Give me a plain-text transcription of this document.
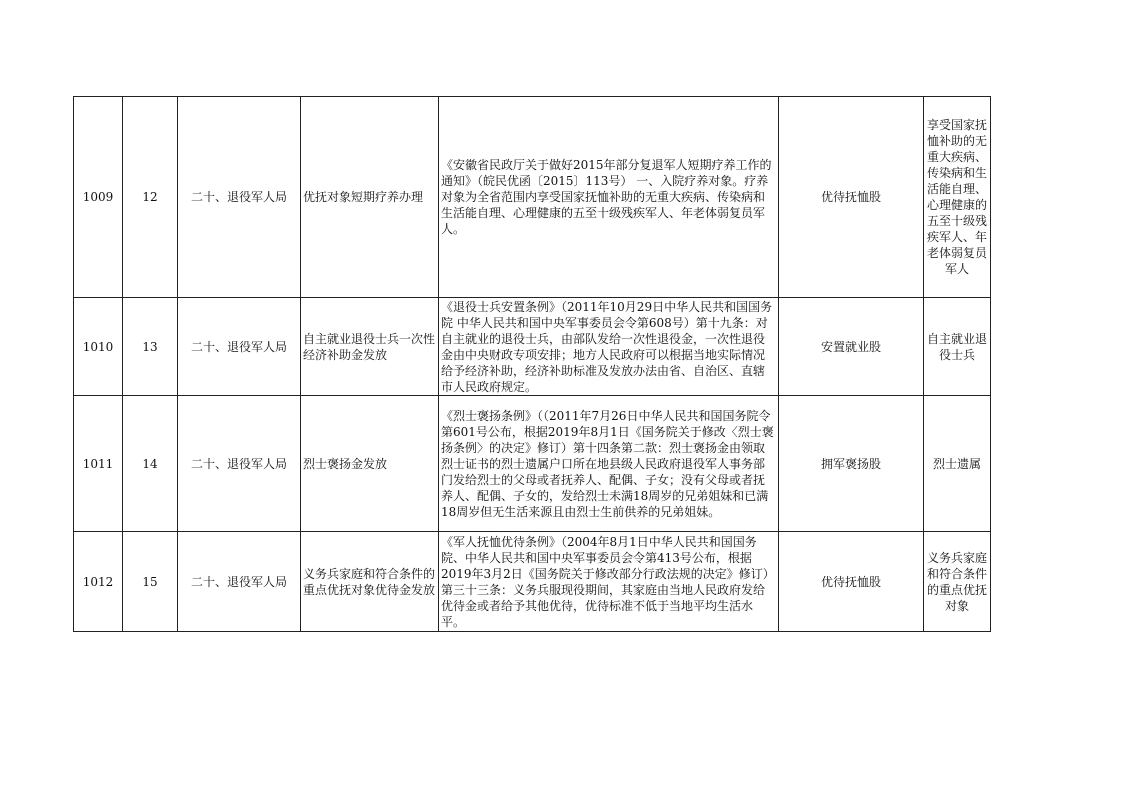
1009	12	二十、退役军人局	优抚对象短期疗养办理	《安徽省民政厅关于做好2015年部分复退军人短期疗养工作的通知》（皖民优函〔2015〕113号） 一、入院疗养对象。疗养对象为全省范围内享受国家抚恤补助的无重大疾病、传染病和生活能自理、心理健康的五至十级残疾军人、年老体弱复员军人。	优待抚恤股	享受国家抚恤补助的无重大疾病、传染病和生活能自理、心理健康的五至十级残疾军人、年老体弱复员军人
1010	13	二十、退役军人局	自主就业退役士兵一次性经济补助金发放	《退役士兵安置条例》（2011年10月29日中华人民共和国国务院 中华人民共和国中央军事委员会令第608号）第十九条：对自主就业的退役士兵，由部队发给一次性退役金，一次性退役金由中央财政专项安排；地方人民政府可以根据当地实际情况给予经济补助，经济补助标准及发放办法由省、自治区、直辖市人民政府规定。	安置就业股	自主就业退役士兵
1011	14	二十、退役军人局	烈士褒扬金发放	《烈士褒扬条例》（（2011年7月26日中华人民共和国国务院令第601号公布，根据2019年8月1日《国务院关于修改〈烈士褒扬条例〉的决定》修订）第十四条第二款：烈士褒扬金由领取烈士证书的烈士遗属户口所在地县级人民政府退役军人事务部门发给烈士的父母或者抚养人、配偶、子女；没有父母或者抚养人、配偶、子女的，发给烈士未满18周岁的兄弟姐妹和已满18周岁但无生活来源且由烈士生前供养的兄弟姐妹。	拥军褒扬股	烈士遗属
1012	15	二十、退役军人局	义务兵家庭和符合条件的重点优抚对象优待金发放	《军人抚恤优待条例》（2004年8月1日中华人民共和国国务院、中华人民共和国中央军事委员会令第413号公布，根据2019年3月2日《国务院关于修改部分行政法规的决定》修订）第三十三条：义务兵服现役期间，其家庭由当地人民政府发给优待金或者给予其他优待，优待标准不低于当地平均生活水平。	优待抚恤股	义务兵家庭和符合条件的重点优抚对象
